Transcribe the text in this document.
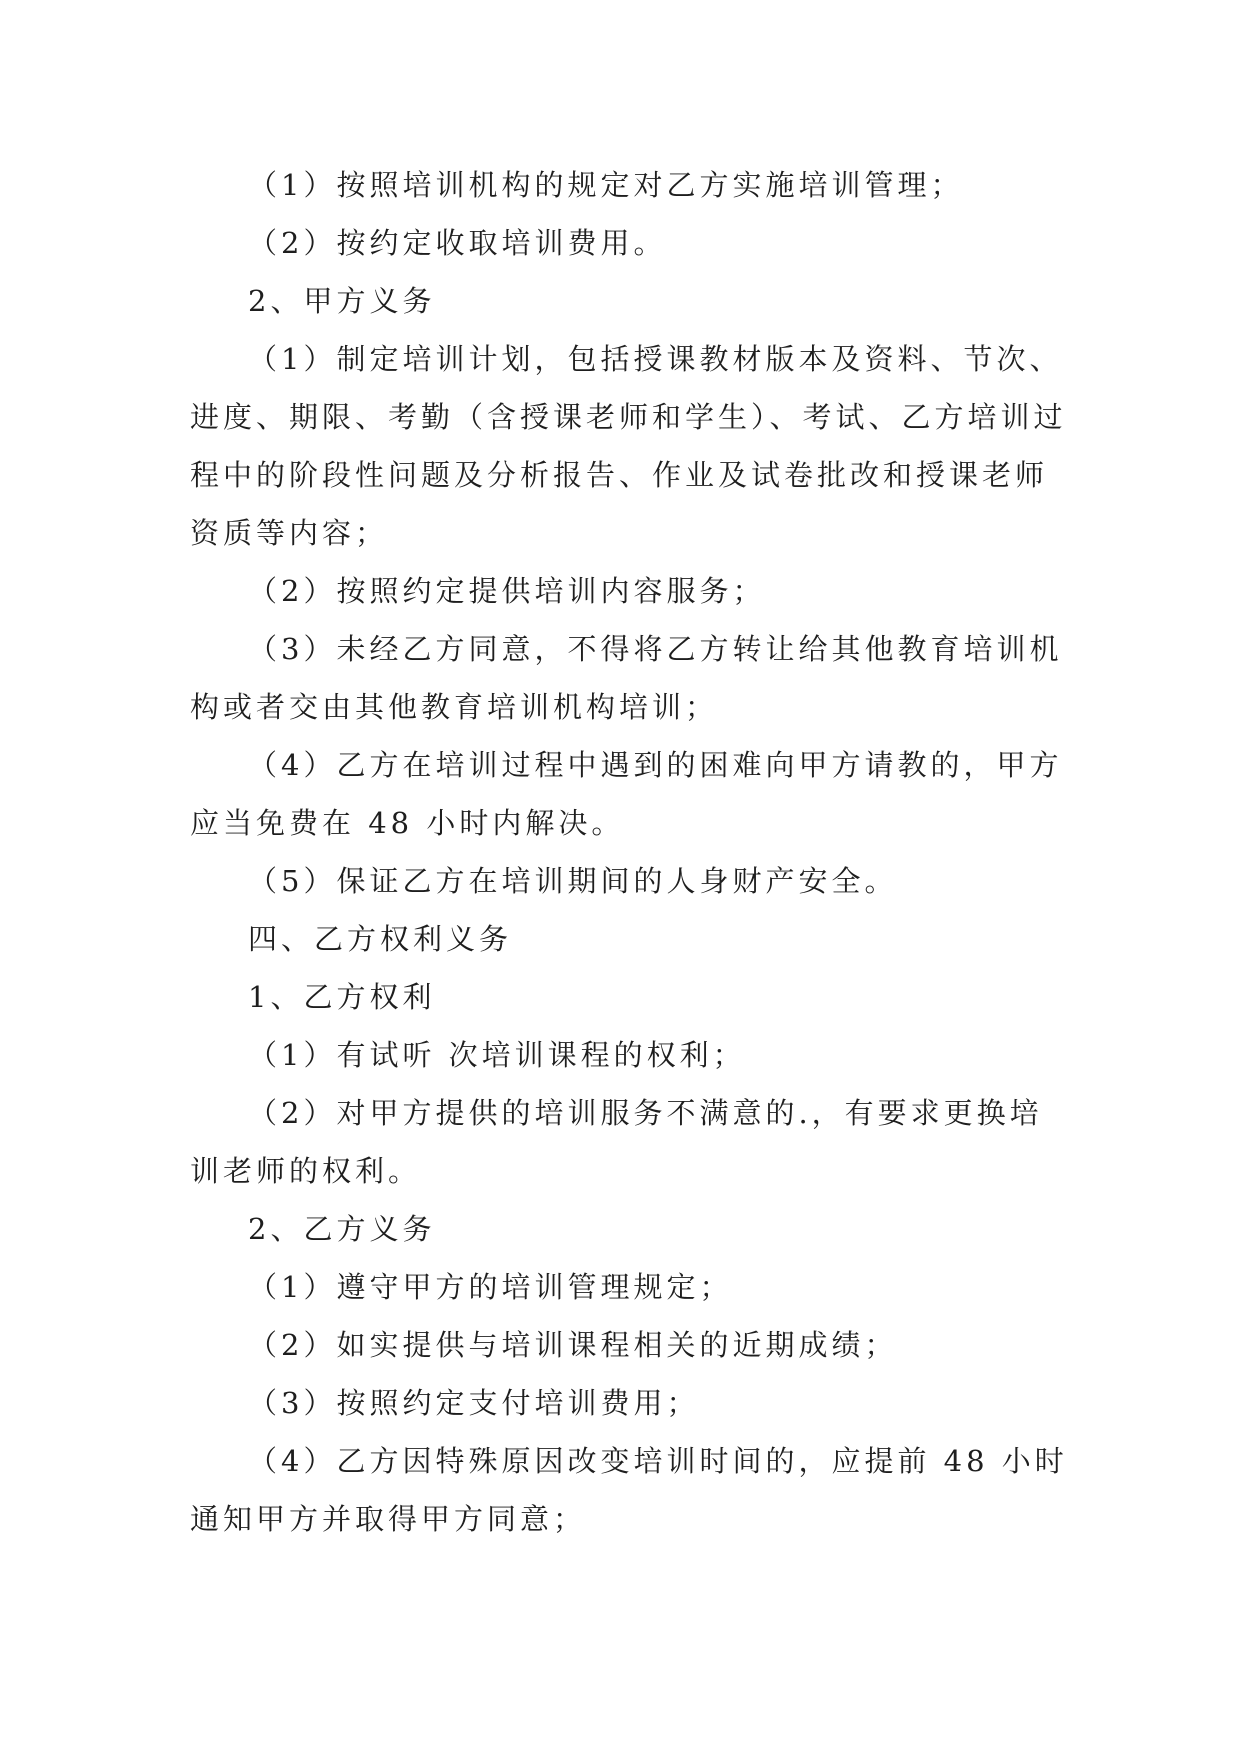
（1）按照培训机构的规定对乙方实施培训管理；

（2）按约定收取培训费用。

2、甲方义务

（1）制定培训计划，包括授课教材版本及资料、节次、进度、期限、考勤（含授课老师和学生）、考试、乙方培训过程中的阶段性问题及分析报告、作业及试卷批改和授课老师资质等内容；

（2）按照约定提供培训内容服务；

（3）未经乙方同意，不得将乙方转让给其他教育培训机构或者交由其他教育培训机构培训；

（4）乙方在培训过程中遇到的困难向甲方请教的，甲方应当免费在 48 小时内解决。

（5）保证乙方在培训期间的人身财产安全。

四、乙方权利义务

1、乙方权利

（1）有试听 次培训课程的权利；

（2）对甲方提供的培训服务不满意的.，有要求更换培训老师的权利。

2、乙方义务

（1）遵守甲方的培训管理规定；

（2）如实提供与培训课程相关的近期成绩；

（3）按照约定支付培训费用；

（4）乙方因特殊原因改变培训时间的，应提前 48 小时通知甲方并取得甲方同意；
